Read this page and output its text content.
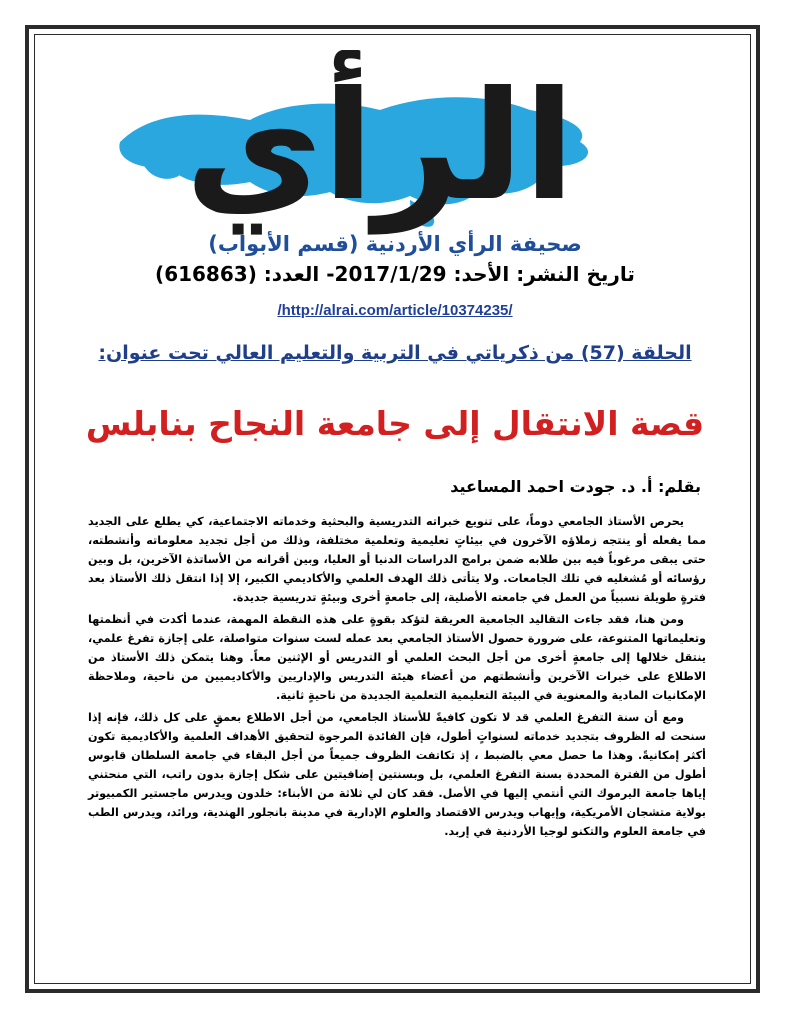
الرأي
صحيفة الرأي الأردنية (قسم الأبواب)
تاريخ النشر: الأحد: 2017/1/29- العدد: (616863)
/http://alrai.com/article/10374235/
الحلقة (57) من ذكرياتي في التربية والتعليم العالي تحت عنوان:
قصة الانتقال إلى جامعة النجاح بنابلس
بقلم: أ. د. جودت احمد المساعيد

يحرص الأستاذ الجامعي دوماً، على تنويع خبراته التدريسية والبحثية وخدماته الاجتماعية، كي يطلع على الجديد مما يفعله أو ينتجه زملاؤه الآخرون في بيئاتٍ تعليمية وتعلمية مختلفة، وذلك من أجل تجديد معلوماته وأنشطته، حتى يبقى مرغوباً فيه بين طلابه ضمن برامج الدراسات الدنيا أو العليا، وبين أقرانه من الأساتذة الآخرين، بل وبين رؤسائه أو مُشغليه في تلك الجامعات. ولا يتأتى ذلك الهدف العلمي والأكاديمي الكبير، إلا إذا انتقل ذلك الأستاذ بعد فترةٍ طويلة نسبياً من العمل في جامعته الأصلية، إلى جامعةٍ أخرى وبيئةٍ تدريسية جديدة.

ومن هنا، فقد جاءت التقاليد الجامعية العريقة لتؤكد بقوةٍ على هذه النقطة المهمة، عندما أكدت في أنظمتها وتعليماتها المتنوعة، على ضرورة حصول الأستاذ الجامعي بعد عمله لست سنوات متواصلة، على إجازة تفرغ علمي، ينتقل خلالها إلى جامعةٍ أخرى من أجل البحث العلمي أو التدريس أو الإثنين معاً. وهنا يتمكن ذلك الأستاذ من الاطلاع على خبرات الآخرين وأنشطتهم من أعضاء هيئة التدريس والإداريين والأكاديميين من ناحية، وملاحظة الإمكانيات المادية والمعنوية في البيئة التعليمية التعلمية الجديدة من ناحيةٍ ثانية.

ومع أن سنة التفرغ العلمي قد لا تكون كافيةً للأستاذ الجامعي، من أجل الاطلاع بعمقٍ على كل ذلك، فإنه إذا سنحت له الظروف بتجديد خدماته لسنواتٍ أطول، فإن الفائدة المرجوة لتحقيق الأهداف العلمية والأكاديمية تكون أكثر إمكانيةً. وهذا ما حصل معي بالضبط ، إذ تكاتفت الظروف جميعاً من أجل البقاء في جامعة السلطان قابوس أطول من الفترة المحددة بسنة التفرغ العلمي، بل وبسنتين إضافيتين على شكل إجازة بدون راتب، التي منحتني إياها جامعة اليرموك التي أنتمي إليها في الأصل. فقد كان لي ثلاثة من الأبناء: خلدون ويدرس ماجستير الكمبيوتر بولاية متشجان الأمريكية، وإيهاب ويدرس الاقتصاد والعلوم الإدارية في مدينة بانجلور الهندية، ورائد، ويدرس الطب في جامعة العلوم والتكنو لوجيا الأردنية في إربد.
